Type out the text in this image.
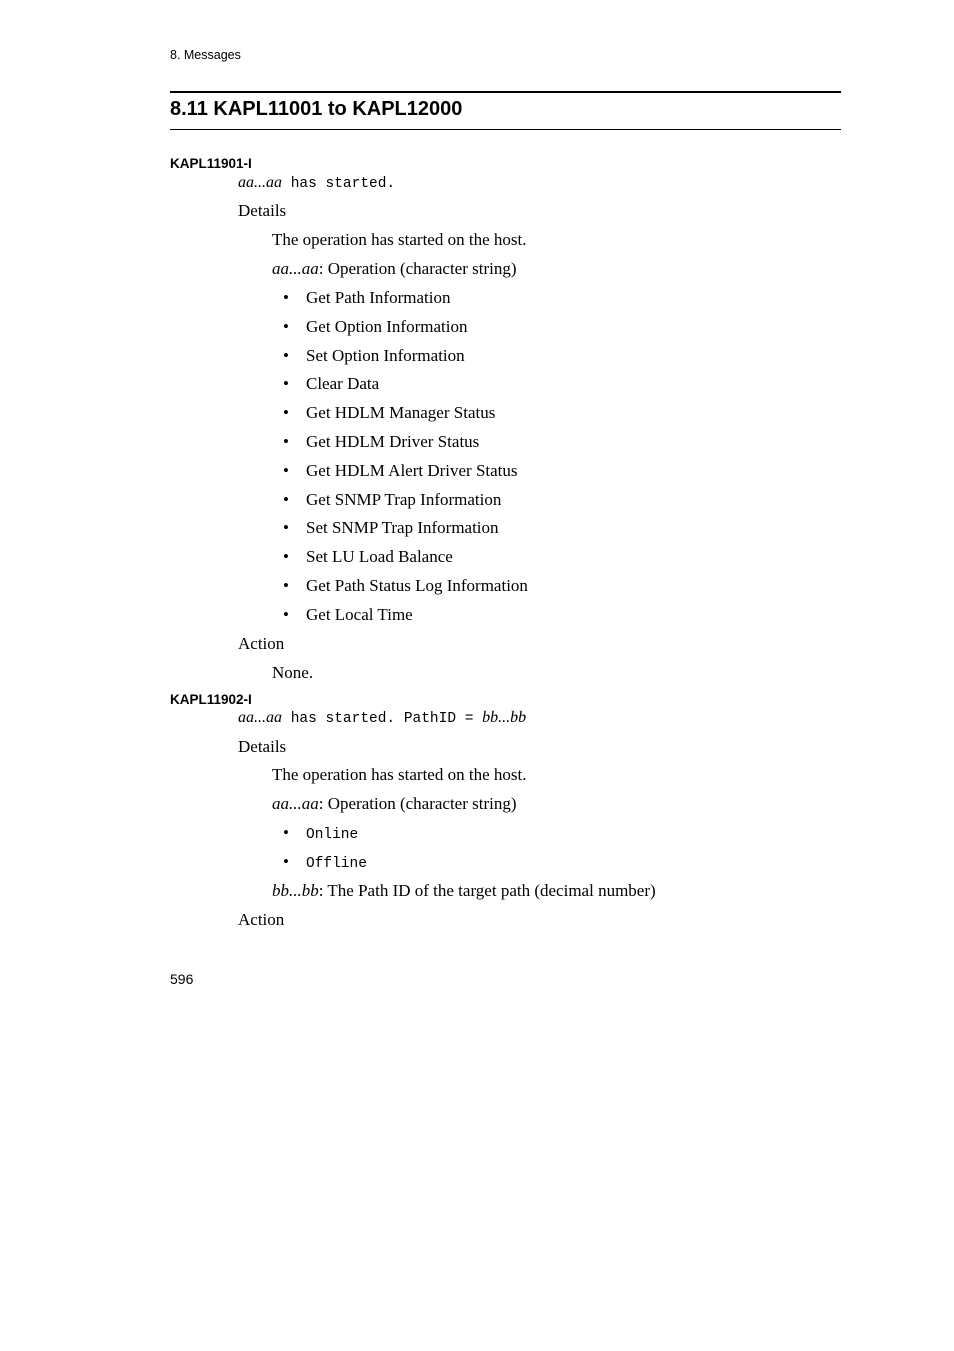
8. Messages
8.11 KAPL11001 to KAPL12000
KAPL11901-I
aa...aa has started.
Details
The operation has started on the host.
aa...aa: Operation (character string)
• Get Path Information
• Get Option Information
• Set Option Information
• Clear Data
• Get HDLM Manager Status
• Get HDLM Driver Status
• Get HDLM Alert Driver Status
• Get SNMP Trap Information
• Set SNMP Trap Information
• Set LU Load Balance
• Get Path Status Log Information
• Get Local Time
Action
None.
KAPL11902-I
aa...aa has started. PathID = bb...bb
Details
The operation has started on the host.
aa...aa: Operation (character string)
• Online
• Offline
bb...bb: The Path ID of the target path (decimal number)
Action
596
